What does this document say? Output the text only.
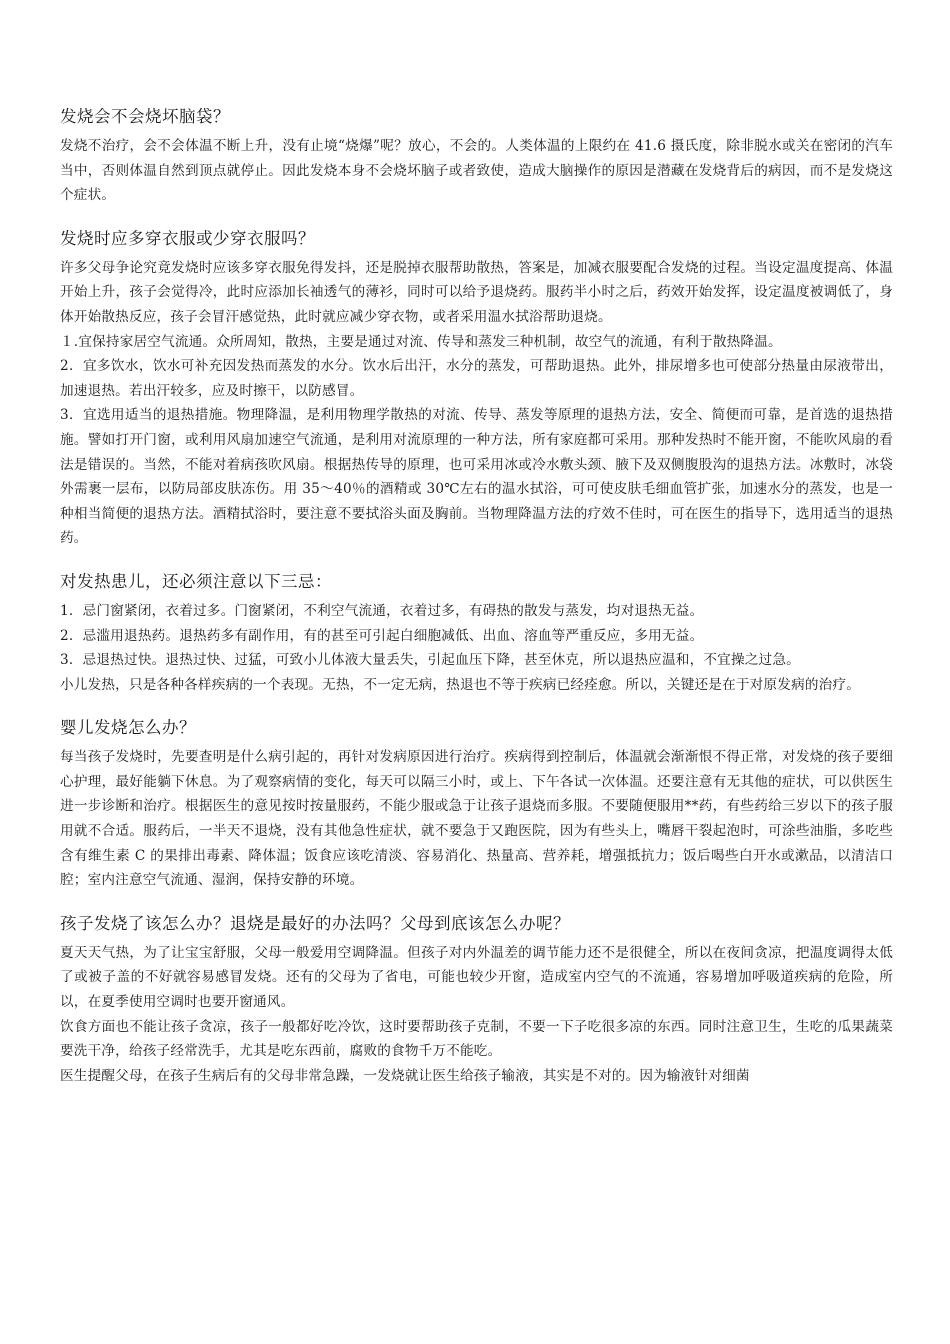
发烧会不会烧坏脑袋？

发烧不治疗，会不会体温不断上升，没有止境“烧爆”呢？放心，不会的。人类体温的上限约在 41.6 摄氏度，除非脱水或关在密闭的汽车当中，否则体温自然到顶点就停止。因此发烧本身不会烧坏脑子或者致使，造成大脑操作的原因是潜藏在发烧背后的病因，而不是发烧这个症状。

发烧时应多穿衣服或少穿衣服吗？

许多父母争论究竟发烧时应该多穿衣服免得发抖，还是脱掉衣服帮助散热，答案是，加减衣服要配合发烧的过程。当设定温度提高、体温开始上升，孩子会觉得冷，此时应添加长袖透气的薄衫，同时可以给予退烧药。服药半小时之后，药效开始发挥，设定温度被调低了，身体开始散热反应，孩子会冒汗感觉热，此时就应减少穿衣物，或者采用温水拭浴帮助退烧。

１.宜保持家居空气流通。众所周知，散热，主要是通过对流、传导和蒸发三种机制，故空气的流通，有利于散热降温。

2．宜多饮水，饮水可补充因发热而蒸发的水分。饮水后出汗，水分的蒸发，可帮助退热。此外，排尿增多也可使部分热量由尿液带出，加速退热。若出汗较多，应及时擦干，以防感冒。

3．宜选用适当的退热措施。物理降温，是利用物理学散热的对流、传导、蒸发等原理的退热方法，安全、简便而可靠，是首选的退热措施。譬如打开门窗，或利用风扇加速空气流通，是利用对流原理的一种方法，所有家庭都可采用。那种发热时不能开窗，不能吹风扇的看法是错误的。当然，不能对着病孩吹风扇。根据热传导的原理，也可采用冰或冷水敷头颈、腋下及双侧腹股沟的退热方法。冰敷时，冰袋外需裹一层布，以防局部皮肤冻伤。用 35～40％的酒精或 30℃左右的温水拭浴，可可使皮肤毛细血管扩张，加速水分的蒸发，也是一种相当简便的退热方法。酒精拭浴时，要注意不要拭浴头面及胸前。当物理降温方法的疗效不佳时，可在医生的指导下，选用适当的退热药。

对发热患儿，还必须注意以下三忌：

1．忌门窗紧闭，衣着过多。门窗紧闭，不利空气流通，衣着过多，有碍热的散发与蒸发，均对退热无益。

2．忌滥用退热药。退热药多有副作用，有的甚至可引起白细胞减低、出血、溶血等严重反应，多用无益。

3．忌退热过快。退热过快、过猛，可致小儿体液大量丢失，引起血压下降，甚至休克，所以退热应温和，不宜操之过急。

小儿发热，只是各种各样疾病的一个表现。无热，不一定无病，热退也不等于疾病已经痊愈。所以，关键还是在于对原发病的治疗。

婴儿发烧怎么办？

每当孩子发烧时，先要查明是什么病引起的，再针对发病原因进行治疗。疾病得到控制后，体温就会渐渐恨不得正常，对发烧的孩子要细心护理，最好能躺下休息。为了观察病情的变化，每天可以隔三小时，或上、下午各试一次体温。还要注意有无其他的症状，可以供医生进一步诊断和治疗。根据医生的意见按时按量服药，不能少服或急于让孩子退烧而多服。不要随便服用**药，有些药给三岁以下的孩子服用就不合适。服药后，一半天不退烧，没有其他急性症状，就不要急于又跑医院，因为有些头上，嘴唇干裂起泡时，可涂些油脂，多吃些含有维生素 C 的果排出毒素、降体温；饭食应该吃清淡、容易消化、热量高、营养耗，增强抵抗力；饭后喝些白开水或漱品，以清洁口腔；室内注意空气流通、湿润，保持安静的环境。

孩子发烧了该怎么办？退烧是最好的办法吗？父母到底该怎么办呢？

夏天天气热，为了让宝宝舒服，父母一般爱用空调降温。但孩子对内外温差的调节能力还不是很健全，所以在夜间贪凉，把温度调得太低了或被子盖的不好就容易感冒发烧。还有的父母为了省电，可能也较少开窗，造成室内空气的不流通，容易增加呼吸道疾病的危险，所以，在夏季使用空调时也要开窗通风。

饮食方面也不能让孩子贪凉，孩子一般都好吃冷饮，这时要帮助孩子克制，不要一下子吃很多凉的东西。同时注意卫生，生吃的瓜果蔬菜要洗干净，给孩子经常洗手，尤其是吃东西前，腐败的食物千万不能吃。

医生提醒父母，在孩子生病后有的父母非常急躁，一发烧就让医生给孩子输液，其实是不对的。因为输液针对细菌
